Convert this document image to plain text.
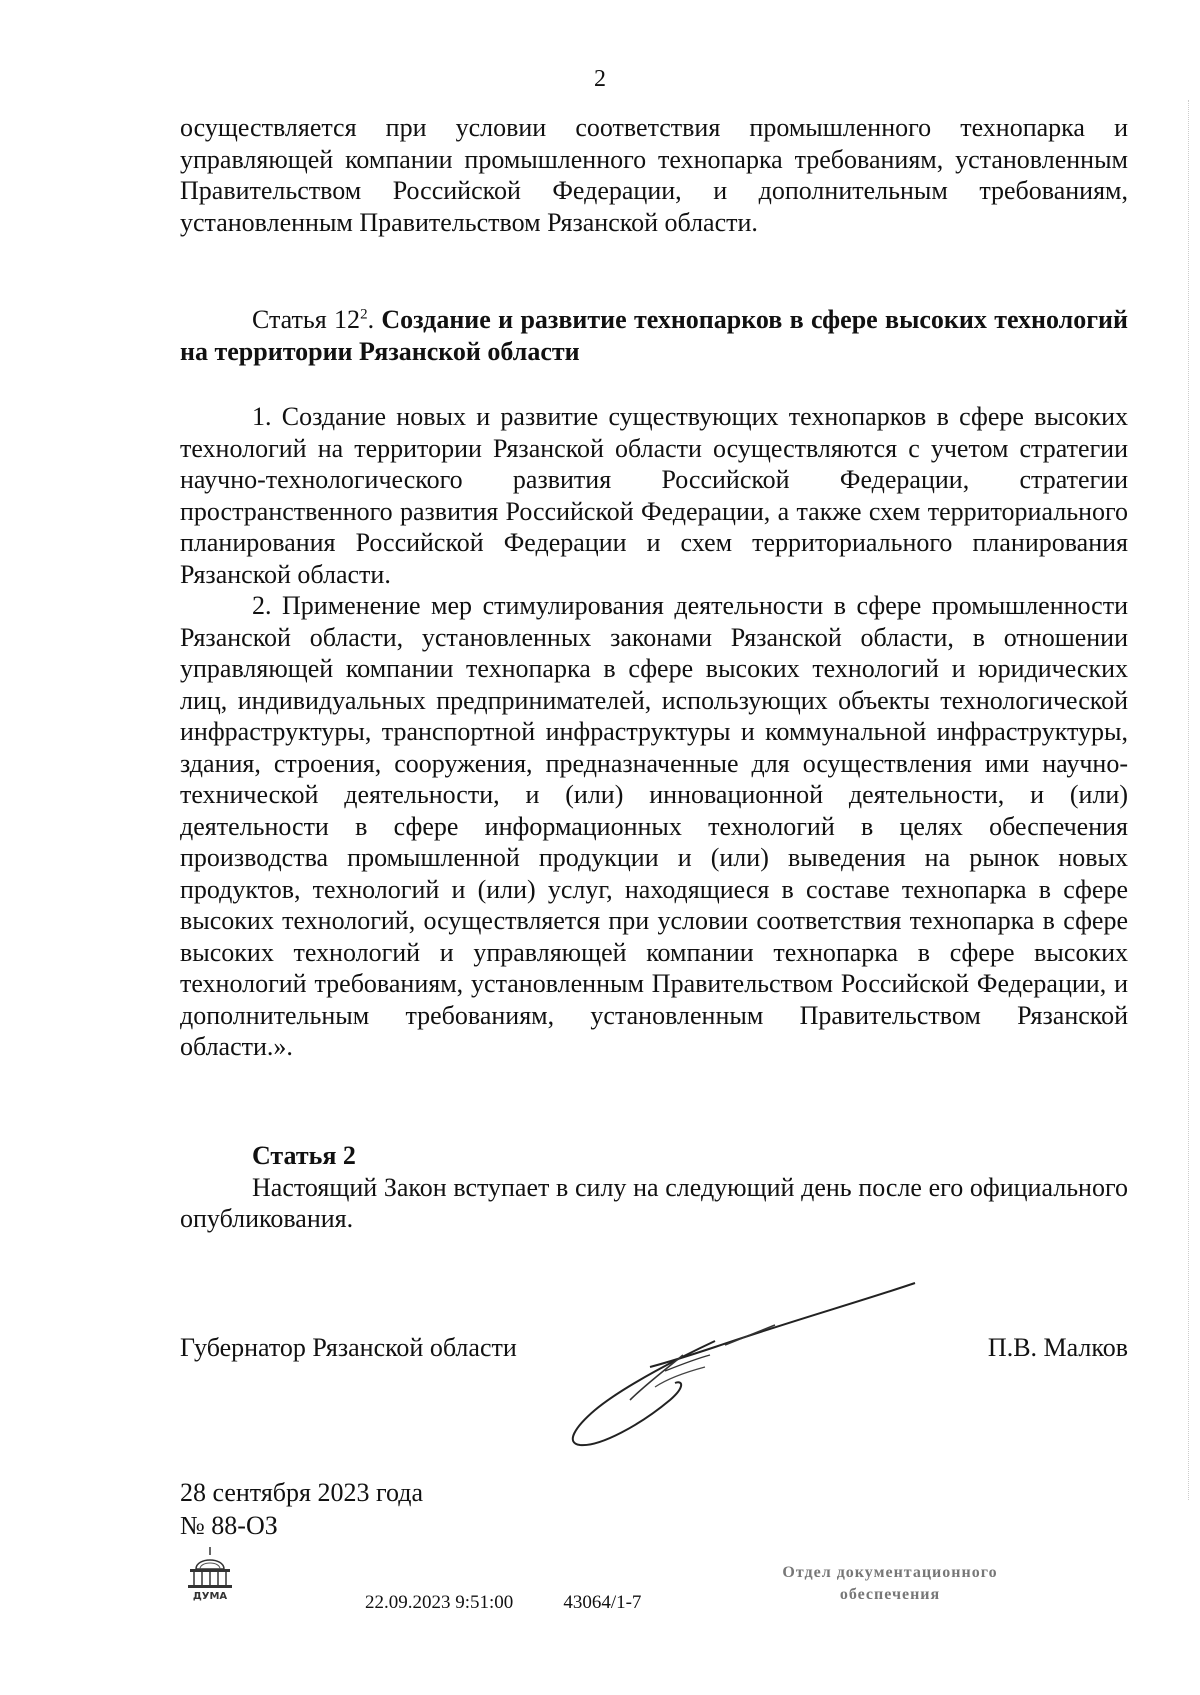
2

осуществляется при условии соответствия промышленного технопарка и управляющей компании промышленного технопарка требованиям, установленным Правительством Российской Федерации, и дополнительным требованиям, установленным Правительством Рязанской области.

Статья $12^2$. Создание и развитие технопарков в сфере высоких технологий на территории Рязанской области

1. Создание новых и развитие существующих технопарков в сфере высоких технологий на территории Рязанской области осуществляются с учетом стратегии научно-технологического развития Российской Федерации, стратегии пространственного развития Российской Федерации, а также схем территориального планирования Российской Федерации и схем территориального планирования Рязанской области.

2. Применение мер стимулирования деятельности в сфере промышленности Рязанской области, установленных законами Рязанской области, в отношении управляющей компании технопарка в сфере высоких технологий и юридических лиц, индивидуальных предпринимателей, использующих объекты технологической инфраструктуры, транспортной инфраструктуры и коммунальной инфраструктуры, здания, строения, сооружения, предназначенные для осуществления ими научно-технической деятельности, и (или) инновационной деятельности, и (или) деятельности в сфере информационных технологий в целях обеспечения производства промышленной продукции и (или) выведения на рынок новых продуктов, технологий и (или) услуг, находящиеся в составе технопарка в сфере высоких технологий, осуществляется при условии соответствия технопарка в сфере высоких технологий и управляющей компании технопарка в сфере высоких технологий требованиям, установленным Правительством Российской Федерации, и дополнительным требованиям, установленным Правительством Рязанской области.».

Статья 2

Настоящий Закон вступает в силу на следующий день после его официального опубликования.

Губернатор Рязанской области	П.В. Малков
28 сентября 2023 года
№ 88-ОЗ
ДУМА	22.09.2023 9:51:00	43064/1-7
Отдел документационного
обеспечения
